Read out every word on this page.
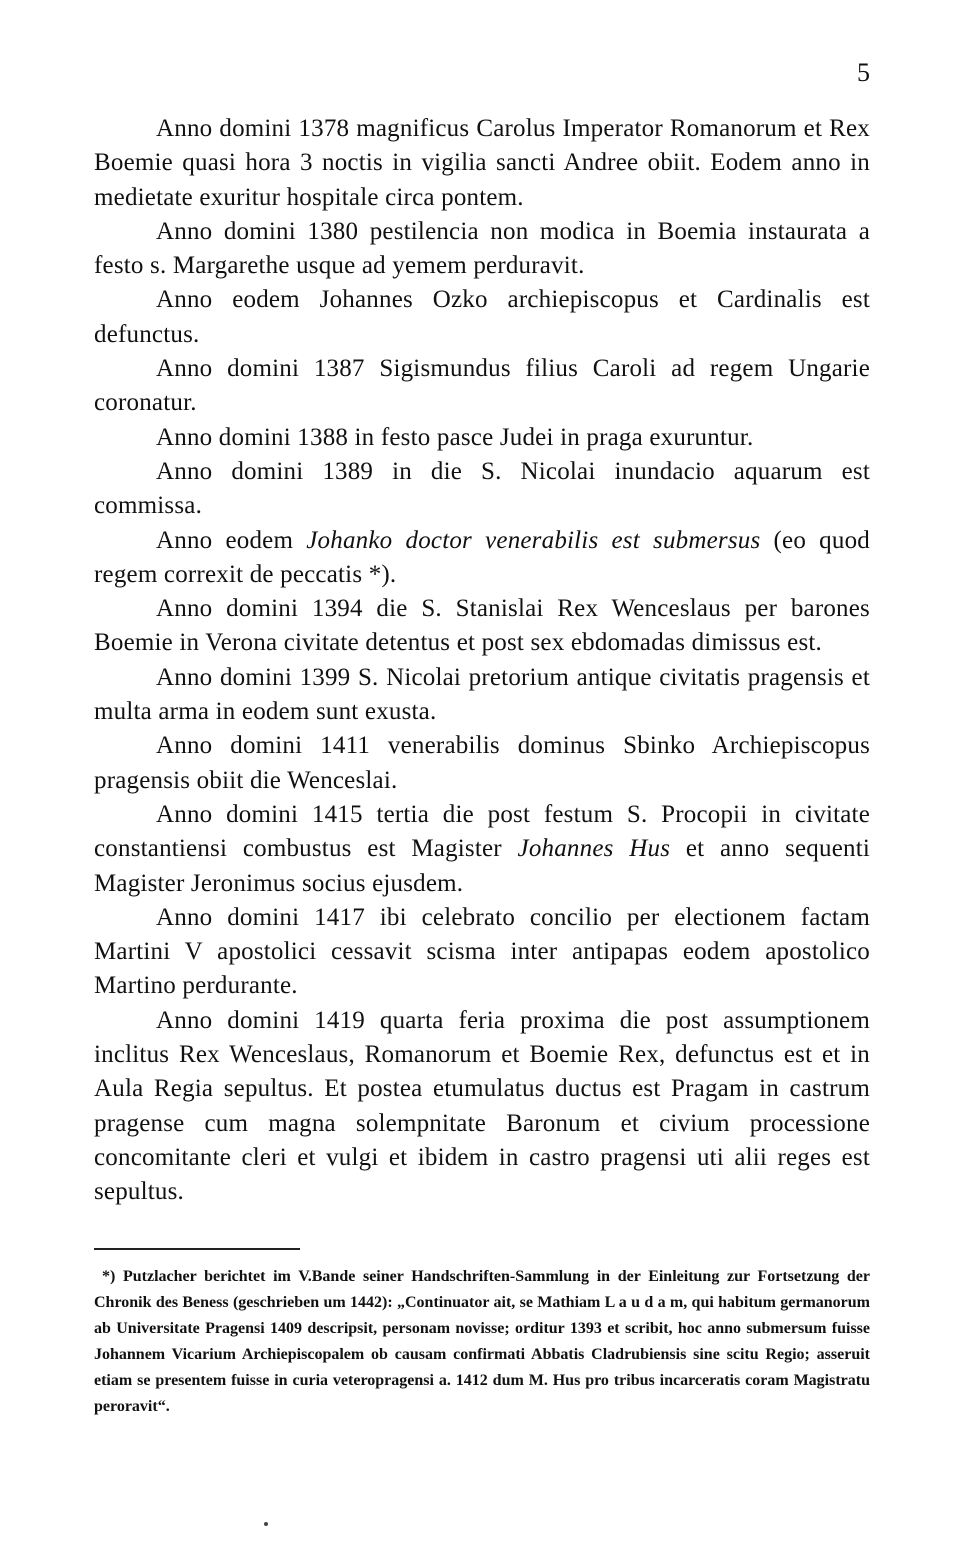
5

Anno domini 1378 magnificus Carolus Imperator Romanorum et Rex Boemie quasi hora 3 noctis in vigilia sancti Andree obiit. Eodem anno in medietate exuritur hospitale circa pontem.

Anno domini 1380 pestilencia non modica in Boemia instaurata a festo s. Margarethe usque ad yemem perduravit.

Anno eodem Johannes Ozko archiepiscopus et Cardinalis est defunctus.

Anno domini 1387 Sigismundus filius Caroli ad regem Ungarie coronatur.

Anno domini 1388 in festo pasce Judei in praga exuruntur.

Anno domini 1389 in die S. Nicolai inundacio aquarum est commissa.

Anno eodem Johanko doctor venerabilis est submersus (eo quod regem correxit de peccatis *).

Anno domini 1394 die S. Stanislai Rex Wenceslaus per barones Boemie in Verona civitate detentus et post sex ebdomadas dimissus est.

Anno domini 1399 S. Nicolai pretorium antique civitatis pragensis et multa arma in eodem sunt exusta.

Anno domini 1411 venerabilis dominus Sbinko Archiepiscopus pragensis obiit die Wenceslai.

Anno domini 1415 tertia die post festum S. Procopii in civitate constantiensi combustus est Magister Johannes Hus et anno sequenti Magister Jeronimus socius ejusdem.

Anno domini 1417 ibi celebrato concilio per electionem factam Martini V apostolici cessavit scisma inter antipapas eodem apostolico Martino perdurante.

Anno domini 1419 quarta feria proxima die post assumptionem inclitus Rex Wenceslaus, Romanorum et Boemie Rex, defunctus est et in Aula Regia sepultus. Et postea etumulatus ductus est Pragam in castrum pragense cum magna solempnitate Baronum et civium processione concomitante cleri et vulgi et ibidem in castro pragensi uti alii reges est sepultus.

*) Putzlacher berichtet im V.Bande seiner Handschriften-Sammlung in der Einleitung zur Fortsetzung der Chronik des Beness (geschrieben um 1442): „Continuator ait, se Mathiam L a u d a m, qui habitum germanorum ab Universitate Pragensi 1409 descripsit, personam novisse; orditur 1393 et scribit, hoc anno submersum fuisse Johannem Vicarium Archiepiscopalem ob causam confirmati Abbatis Cladrubiensis sine scitu Regio; asseruit etiam se presentem fuisse in curia veteropragensi a. 1412 dum M. Hus pro tribus incarceratis coram Magistratu peroravit“.
